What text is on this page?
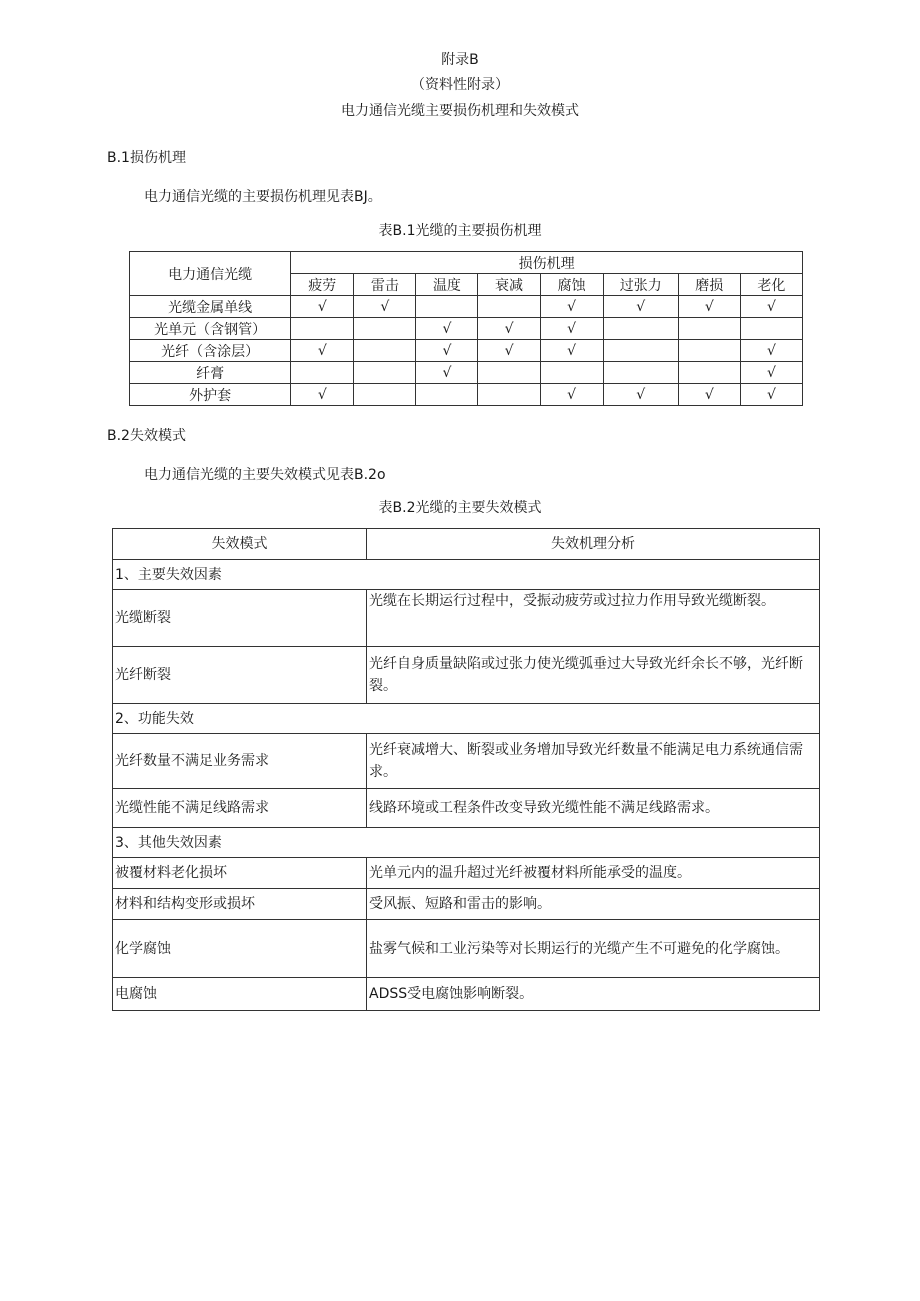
附录B
（资料性附录）
电力通信光缆主要损伤机理和失效模式
B.1损伤机理
电力通信光缆的主要损伤机理见表BJ。
表B.1光缆的主要损伤机理
电力通信光缆	损伤机理							
	疲劳	雷击	温度	衰减	腐蚀	过张力	磨损	老化
光缆金属单线	√	√			√	√	√	√
光单元（含钢管）			√	√	√			
光纤（含涂层）	√		√	√	√			√
纤膏			√					√
外护套	√				√	√	√	√
B.2失效模式
电力通信光缆的主要失效模式见表B.2o
表B.2光缆的主要失效模式
失效模式	失效机理分析
1、主要失效因素	
光缆断裂	光缆在长期运行过程中，受振动疲劳或过拉力作用导致光缆断裂。
光纤断裂	光纤自身质量缺陷或过张力使光缆弧垂过大导致光纤余长不够，光纤断裂。
2、功能失效	
光纤数量不满足业务需求	光纤衰减增大、断裂或业务增加导致光纤数量不能满足电力系统通信需求。
光缆性能不满足线路需求	线路环境或工程条件改变导致光缆性能不满足线路需求。
3、其他失效因素	
被覆材料老化损坏	光单元内的温升超过光纤被覆材料所能承受的温度。
材料和结构变形或损坏	受风振、短路和雷击的影响。
化学腐蚀	盐雾气候和工业污染等对长期运行的光缆产生不可避免的化学腐蚀。
电腐蚀	ADSS受电腐蚀影响断裂。
